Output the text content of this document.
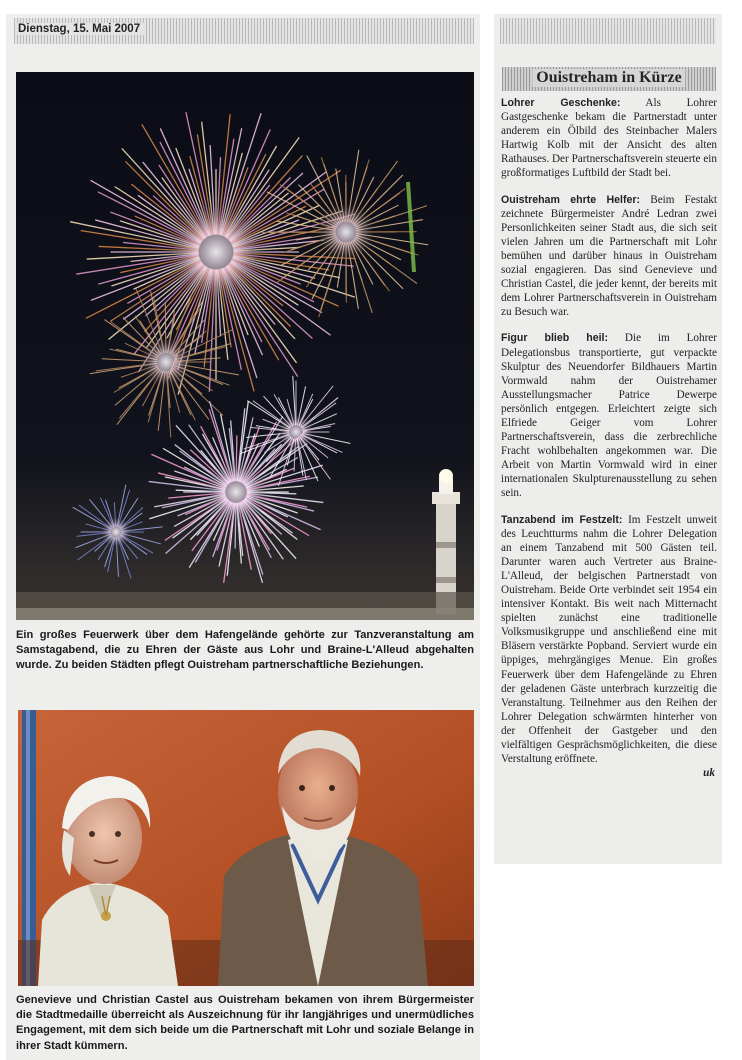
Dienstag, 15. Mai 2007
Ein großes Feuerwerk über dem Hafengelände gehörte zur Tanzveranstaltung am Samstagabend, die zu Ehren der Gäste aus Lohr und Braine-L'Alleud abgehalten wurde. Zu beiden Städten pflegt Ouistreham partnerschaftliche Beziehungen.
Genevieve und Christian Castel aus Ouistreham bekamen von ihrem Bürgermeister die Stadtmedaille überreicht als Auszeichnung für ihr langjähriges und unermüdliches Engagement, mit dem sich beide um die Partnerschaft mit Lohr und soziale Belange in ihrer Stadt kümmern.
Ouistreham in Kürze

Lohrer Geschenke: Als Lohrer Gastgeschenke bekam die Partnerstadt unter anderem ein Ölbild des Steinbacher Malers Hartwig Kolb mit der Ansicht des alten Rathauses. Der Partnerschaftsverein steuerte ein großformatiges Luftbild der Stadt bei.

Ouistreham ehrte Helfer: Beim Festakt zeichnete Bürgermeister André Ledran zwei Personlichkeiten seiner Stadt aus, die sich seit vielen Jahren um die Partnerschaft mit Lohr bemühen und darüber hinaus in Ouistreham sozial engagieren. Das sind Genevieve und Christian Castel, die jeder kennt, der bereits mit dem Lohrer Partnerschaftsverein in Ouistreham zu Besuch war.

Figur blieb heil: Die im Lohrer Delegationsbus transportierte, gut verpackte Skulptur des Neuendorfer Bildhauers Martin Vormwald nahm der Ouistrehamer Ausstellungsmacher Patrice Dewerpe persönlich entgegen. Erleichtert zeigte sich Elfriede Geiger vom Lohrer Partnerschaftsverein, dass die zerbrechliche Fracht wohlbehalten angekommen war. Die Arbeit von Martin Vormwald wird in einer internationalen Skulpturenausstellung zu sehen sein.

Tanzabend im Festzelt: Im Festzelt unweit des Leuchtturms nahm die Lohrer Delegation an einem Tanzabend mit 500 Gästen teil. Darunter waren auch Vertreter aus Braine-L'Alleud, der belgischen Partnerstadt von Ouistreham. Beide Orte verbindet seit 1954 ein intensiver Kontakt. Bis weit nach Mitternacht spielten zunächst eine traditionelle Volksmusikgruppe und anschließend eine mit Bläsern verstärkte Popband. Serviert wurde ein üppiges, mehrgängiges Menue. Ein großes Feuerwerk über dem Hafengelände zu Ehren der geladenen Gäste unterbrach kurzzeitig die Veranstaltung. Teilnehmer aus den Reihen der Lohrer Delegation schwärmten hinterher von der Offenheit der Gastgeber und den vielfältigen Gesprächsmöglichkeiten, die diese Verstaltung eröffnete.

uk
